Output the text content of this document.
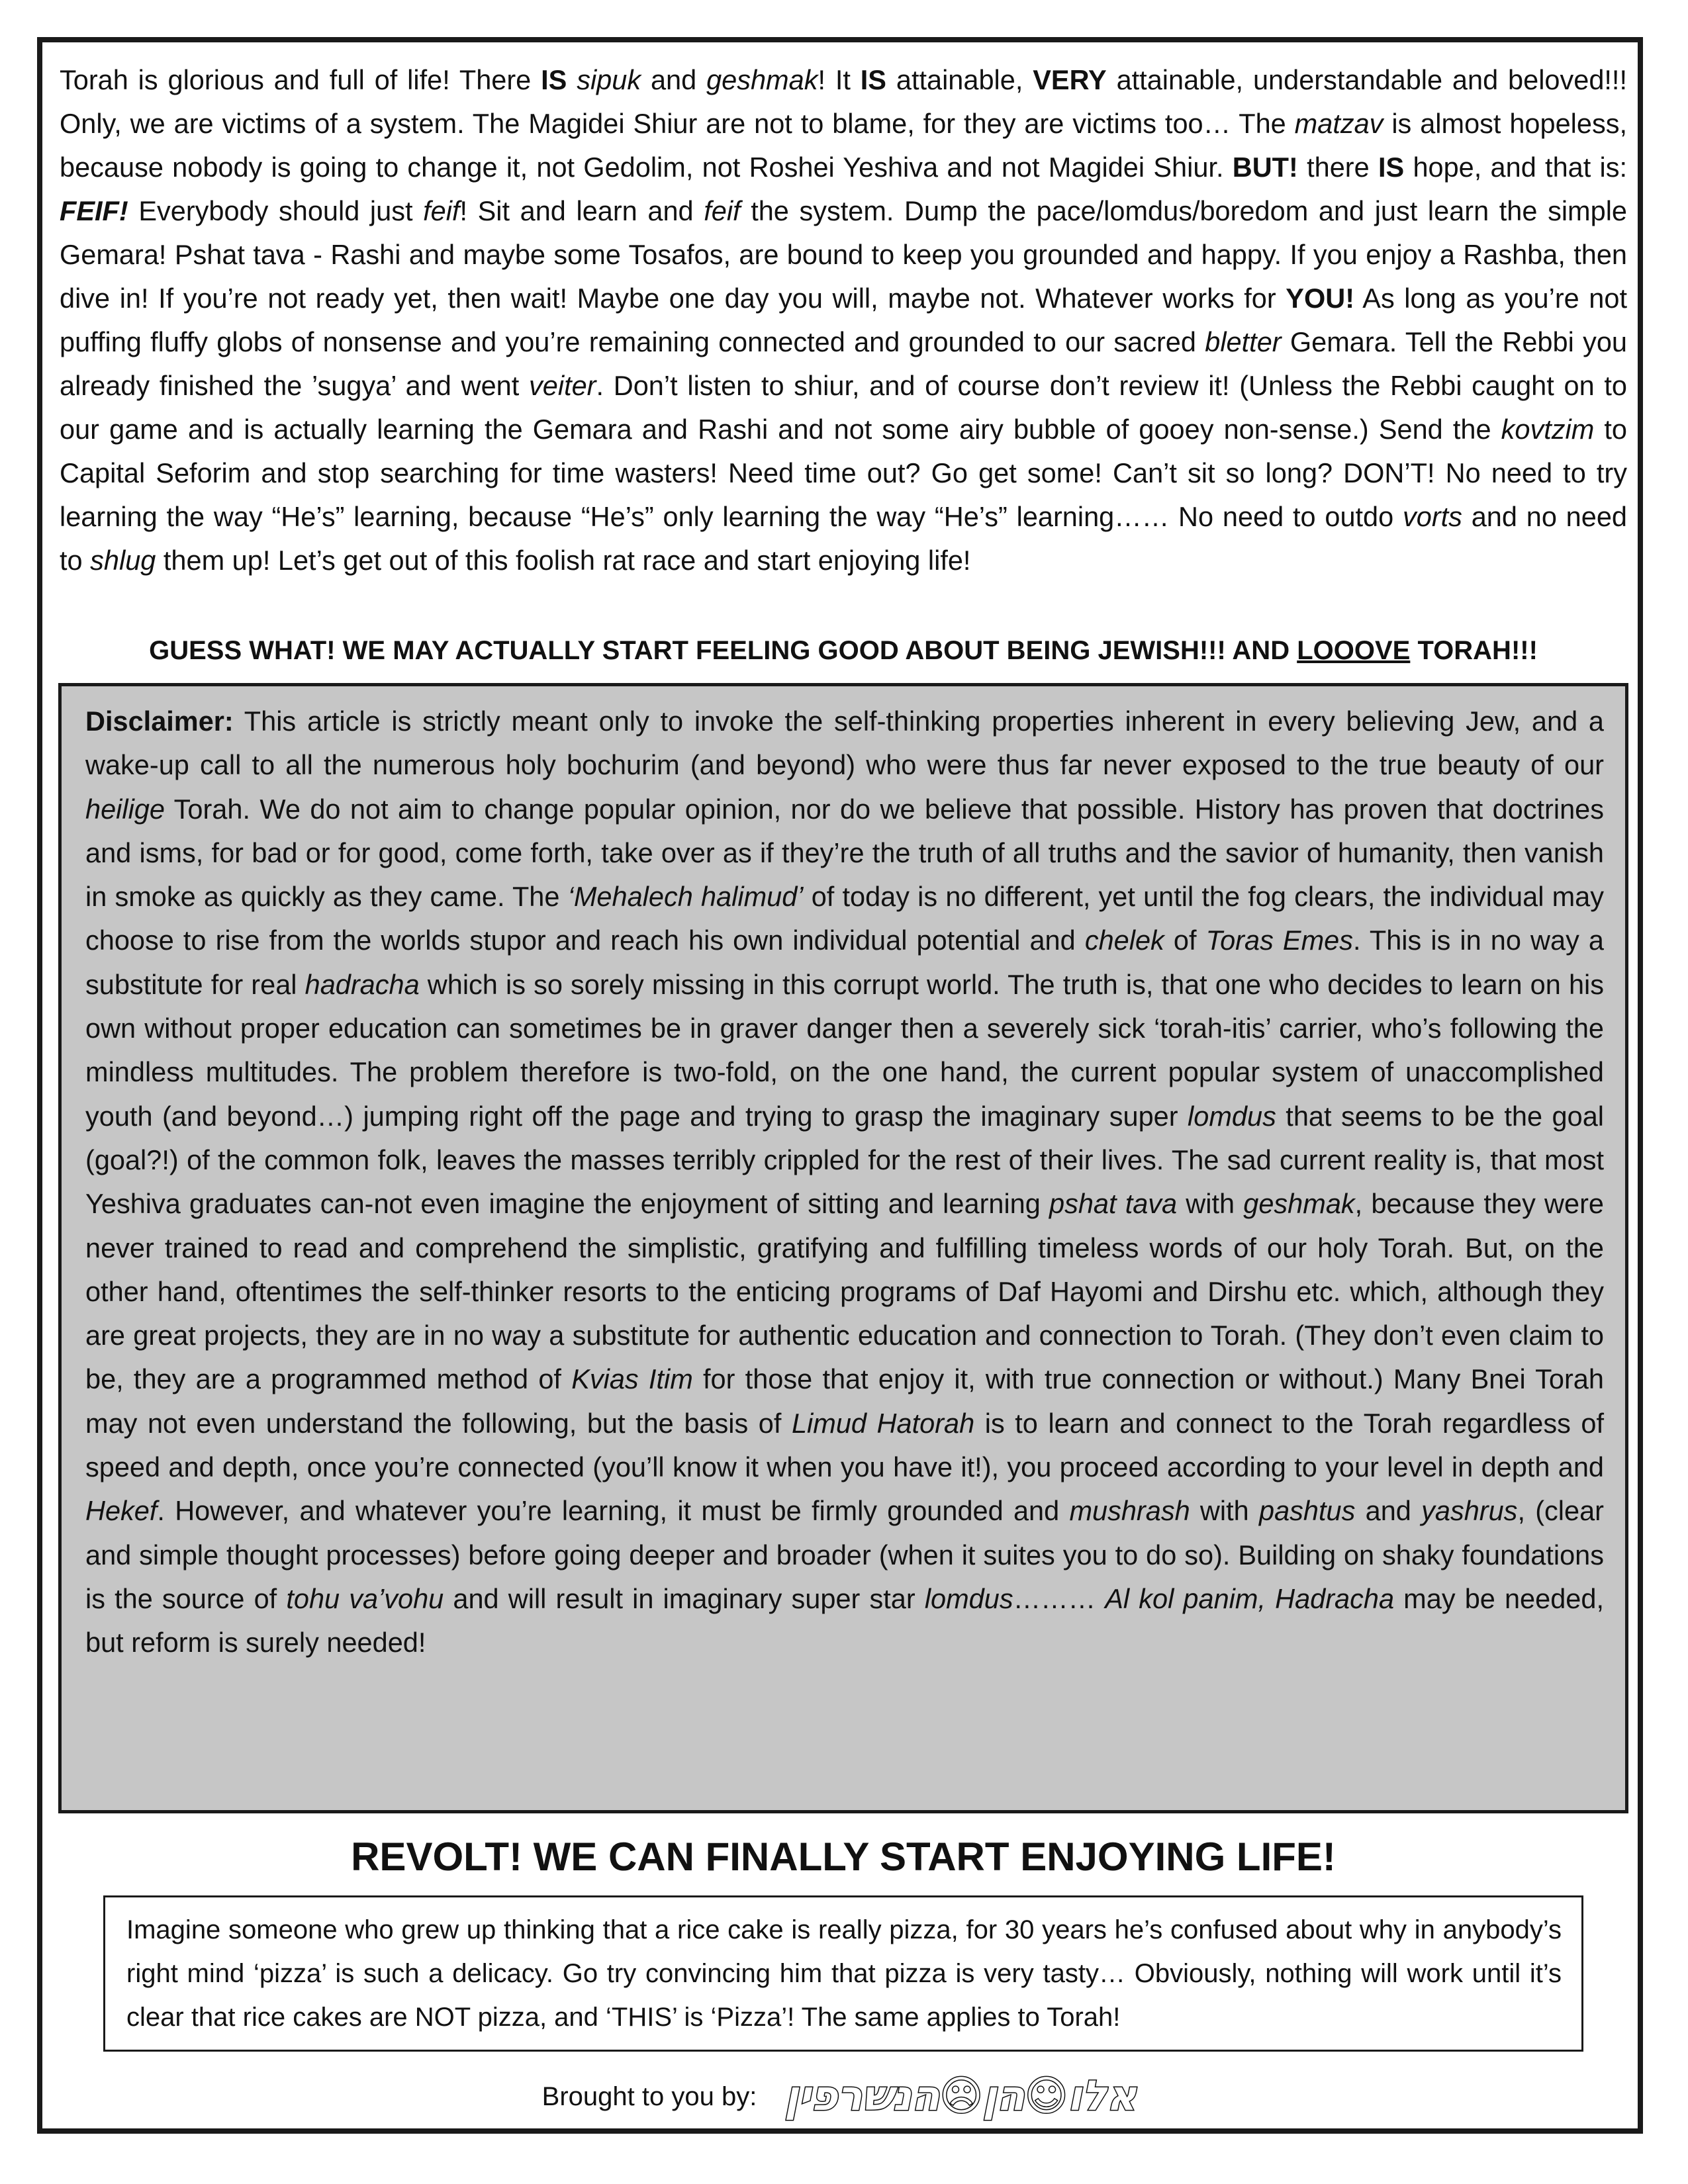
Torah is glorious and full of life! There IS sipuk and geshmak! It IS attainable, VERY attainable, understandable and beloved!!! Only, we are victims of a system. The Magidei Shiur are not to blame, for they are victims too… The matzav is almost hopeless, because nobody is going to change it, not Gedolim, not Roshei Yeshiva and not Magidei Shiur. BUT! there IS hope, and that is: FEIF! Everybody should just feif! Sit and learn and feif the system. Dump the pace/lomdus/boredom and just learn the simple Gemara! Pshat tava - Rashi and maybe some Tosafos, are bound to keep you grounded and happy. If you enjoy a Rashba, then dive in! If you’re not ready yet, then wait! Maybe one day you will, maybe not. Whatever works for YOU! As long as you’re not puffing fluffy globs of nonsense and you’re remaining connected and grounded to our sacred bletter Gemara. Tell the Rebbi you already finished the ’sugya’ and went veiter. Don’t listen to shiur, and of course don’t review it! (Unless the Rebbi caught on to our game and is actually learning the Gemara and Rashi and not some airy bubble of gooey non-sense.) Send the kovtzim to Capital Seforim and stop searching for time wasters! Need time out? Go get some! Can’t sit so long? DON’T! No need to try learning the way “He’s” learning, because “He’s” only learning the way “He’s” learning…… No need to outdo vorts and no need to shlug them up! Let’s get out of this foolish rat race and start enjoying life!
GUESS WHAT! WE MAY ACTUALLY START FEELING GOOD ABOUT BEING JEWISH!!! AND LOOOVE TORAH!!!
Disclaimer: This article is strictly meant only to invoke the self-thinking properties inherent in every believing Jew, and a wake-up call to all the numerous holy bochurim (and beyond) who were thus far never exposed to the true beauty of our heilige Torah. We do not aim to change popular opinion, nor do we believe that possible. History has proven that doctrines and isms, for bad or for good, come forth, take over as if they’re the truth of all truths and the savior of humanity, then vanish in smoke as quickly as they came. The ‘Mehalech halimud’ of today is no different, yet until the fog clears, the individual may choose to rise from the worlds stupor and reach his own individual potential and chelek of Toras Emes. This is in no way a substitute for real hadracha which is so sorely missing in this corrupt world. The truth is, that one who decides to learn on his own without proper education can sometimes be in graver danger then a severely sick ‘torah-itis’ carrier, who’s following the mindless multitudes. The problem therefore is two-fold, on the one hand, the current popular system of unaccomplished youth (and beyond…) jumping right off the page and trying to grasp the imaginary super lomdus that seems to be the goal (goal?!) of the common folk, leaves the masses terribly crippled for the rest of their lives. The sad current reality is, that most Yeshiva graduates can-not even imagine the enjoyment of sitting and learning pshat tava with geshmak, because they were never trained to read and comprehend the simplistic, gratifying and fulfilling timeless words of our holy Torah. But, on the other hand, oftentimes the self-thinker resorts to the enticing programs of Daf Hayomi and Dirshu etc. which, although they are great projects, they are in no way a substitute for authentic education and connection to Torah. (They don’t even claim to be, they are a programmed method of Kvias Itim for those that enjoy it, with true connection or without.) Many Bnei Torah may not even understand the following, but the basis of Limud Hatorah is to learn and connect to the Torah regardless of speed and depth, once you’re connected (you’ll know it when you have it!), you proceed according to your level in depth and Hekef. However, and whatever you’re learning, it must be firmly grounded and mushrash with pashtus and yashrus, (clear and simple thought processes) before going deeper and broader (when it suites you to do so). Building on shaky foundations is the source of tohu va’vohu and will result in imaginary super star lomdus……… Al kol panim, Hadracha may be needed, but reform is surely needed!
REVOLT! WE CAN FINALLY START ENJOYING LIFE!

Imagine someone who grew up thinking that a rice cake is really pizza, for 30 years he’s confused about why in anybody’s right mind ‘pizza’ is such a delicacy. Go try convincing him that pizza is very tasty… Obviously, nothing will work until it’s clear that rice cakes are NOT pizza, and ‘THIS’ is ‘Pizza’! The same applies to Torah!

Brought to you by: אלו☺הן☹הנשרפין
